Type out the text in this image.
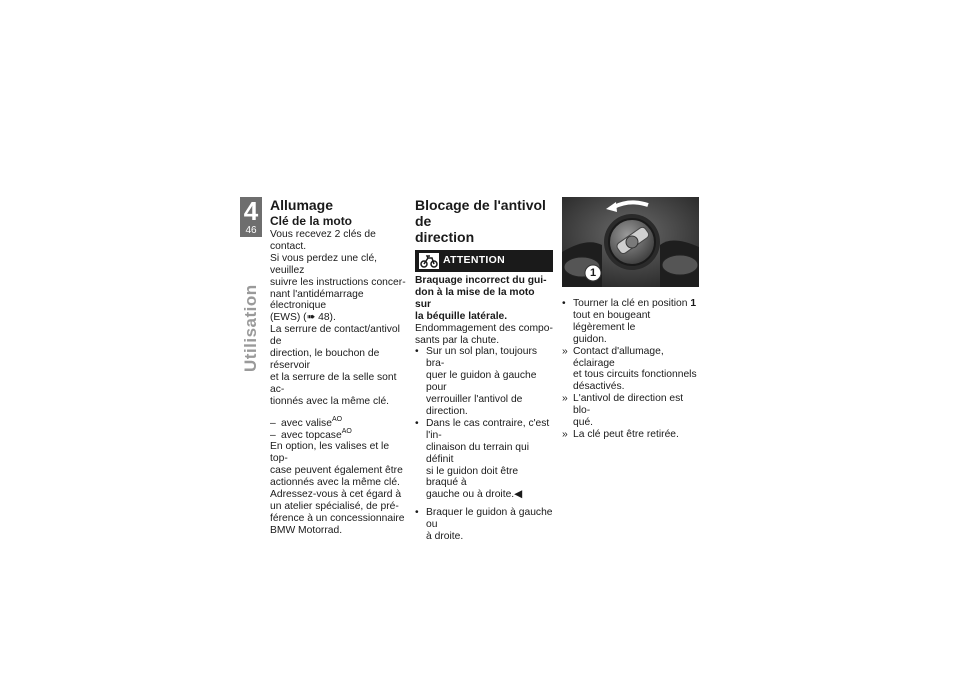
4
46
Utilisation
Allumage
Clé de la moto

Vous recevez 2 clés de contact.
Si vous perdez une clé, veuillez
suivre les instructions concer-
nant l'antidémarrage électronique
(EWS) (➠ 48).

La serrure de contact/antivol de
direction, le bouchon de réservoir
et la serrure de la selle sont ac-
tionnés avec la même clé.

– avec valise$^{AO}$
– avec topcase$^{AO}$

En option, les valises et le top-
case peuvent également être
actionnés avec la même clé.
Adressez-vous à cet égard à
un atelier spécialisé, de pré-
férence à un concessionnaire
BMW Motorrad.

Blocage de l'antivol de
direction
ATTENTION

Braquage incorrect du gui-
don à la mise de la moto sur
la béquille latérale.

Endommagement des compo-
sants par la chute.

• Sur un sol plan, toujours bra-
quer le guidon à gauche pour
verrouiller l'antivol de direction.
• Dans le cas contraire, c'est l'in-
clinaison du terrain qui définit
si le guidon doit être braqué à
gauche ou à droite.◀
• Braquer le guidon à gauche ou
à droite.
1
• Tourner la clé en position 1
tout en bougeant légèrement le
guidon.
» Contact d'allumage, éclairage
et tous circuits fonctionnels
désactivés.
» L'antivol de direction est blo-
qué.
» La clé peut être retirée.
